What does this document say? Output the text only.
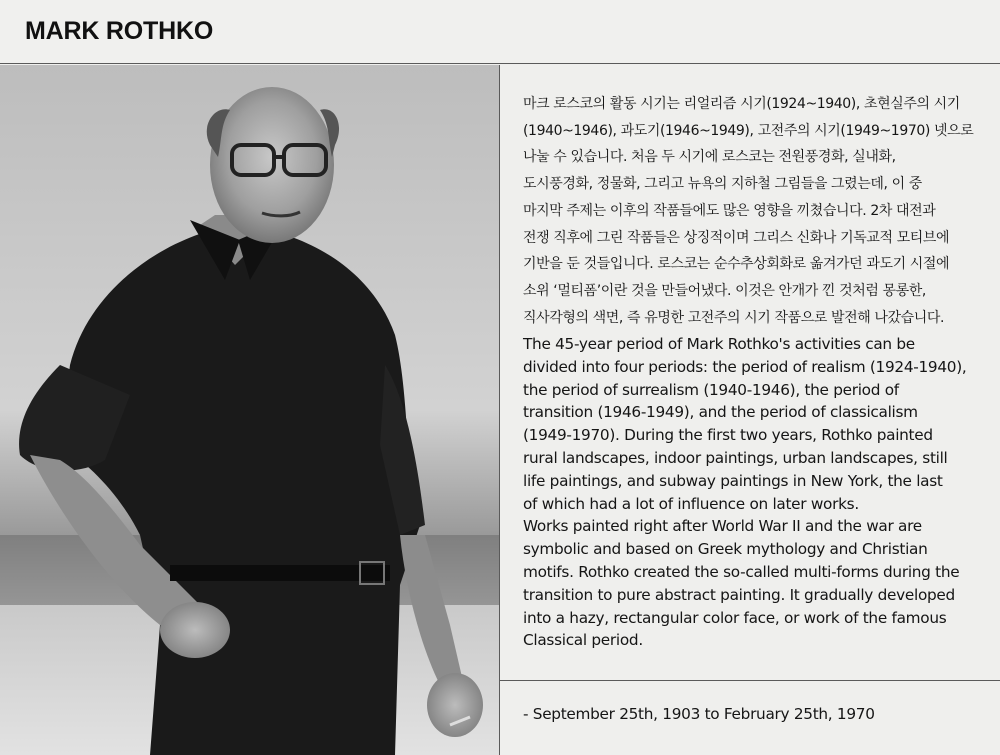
MARK ROTHKO
마크 로스코의 활동 시기는 리얼리즘 시기(1924~1940), 초현실주의 시기
(1940~1946), 과도기(1946~1949), 고전주의 시기(1949~1970) 넷으로
나눌 수 있습니다. 처음 두 시기에 로스코는 전원풍경화, 실내화,
도시풍경화, 정물화, 그리고 뉴욕의 지하철 그림들을 그렸는데, 이 중
마지막 주제는 이후의 작품들에도 많은 영향을 끼쳤습니다. 2차 대전과
전쟁 직후에 그린 작품들은 상징적이며 그리스 신화나 기독교적 모티브에
기반을 둔 것들입니다. 로스코는 순수추상회화로 옮겨가던 과도기 시절에
소위 ‘멀티폼’이란 것을 만들어냈다. 이것은 안개가 낀 것처럼 몽롱한,
직사각형의 색면, 즉 유명한 고전주의 시기 작품으로 발전해 나갔습니다.
The 45-year period of Mark Rothko's activities can be
divided into four periods: the period of realism (1924-1940),
the period of surrealism (1940-1946), the period of
transition (1946-1949), and the period of classicalism
(1949-1970). During the first two years, Rothko painted
rural landscapes, indoor paintings, urban landscapes, still
life paintings, and subway paintings in New York, the last
of which had a lot of influence on later works.
Works painted right after World War II and the war are
symbolic and based on Greek mythology and Christian
motifs. Rothko created the so-called multi-forms during the
transition to pure abstract painting. It gradually developed
into a hazy, rectangular color face, or work of the famous
Classical period.
- September 25th, 1903 to February 25th, 1970
